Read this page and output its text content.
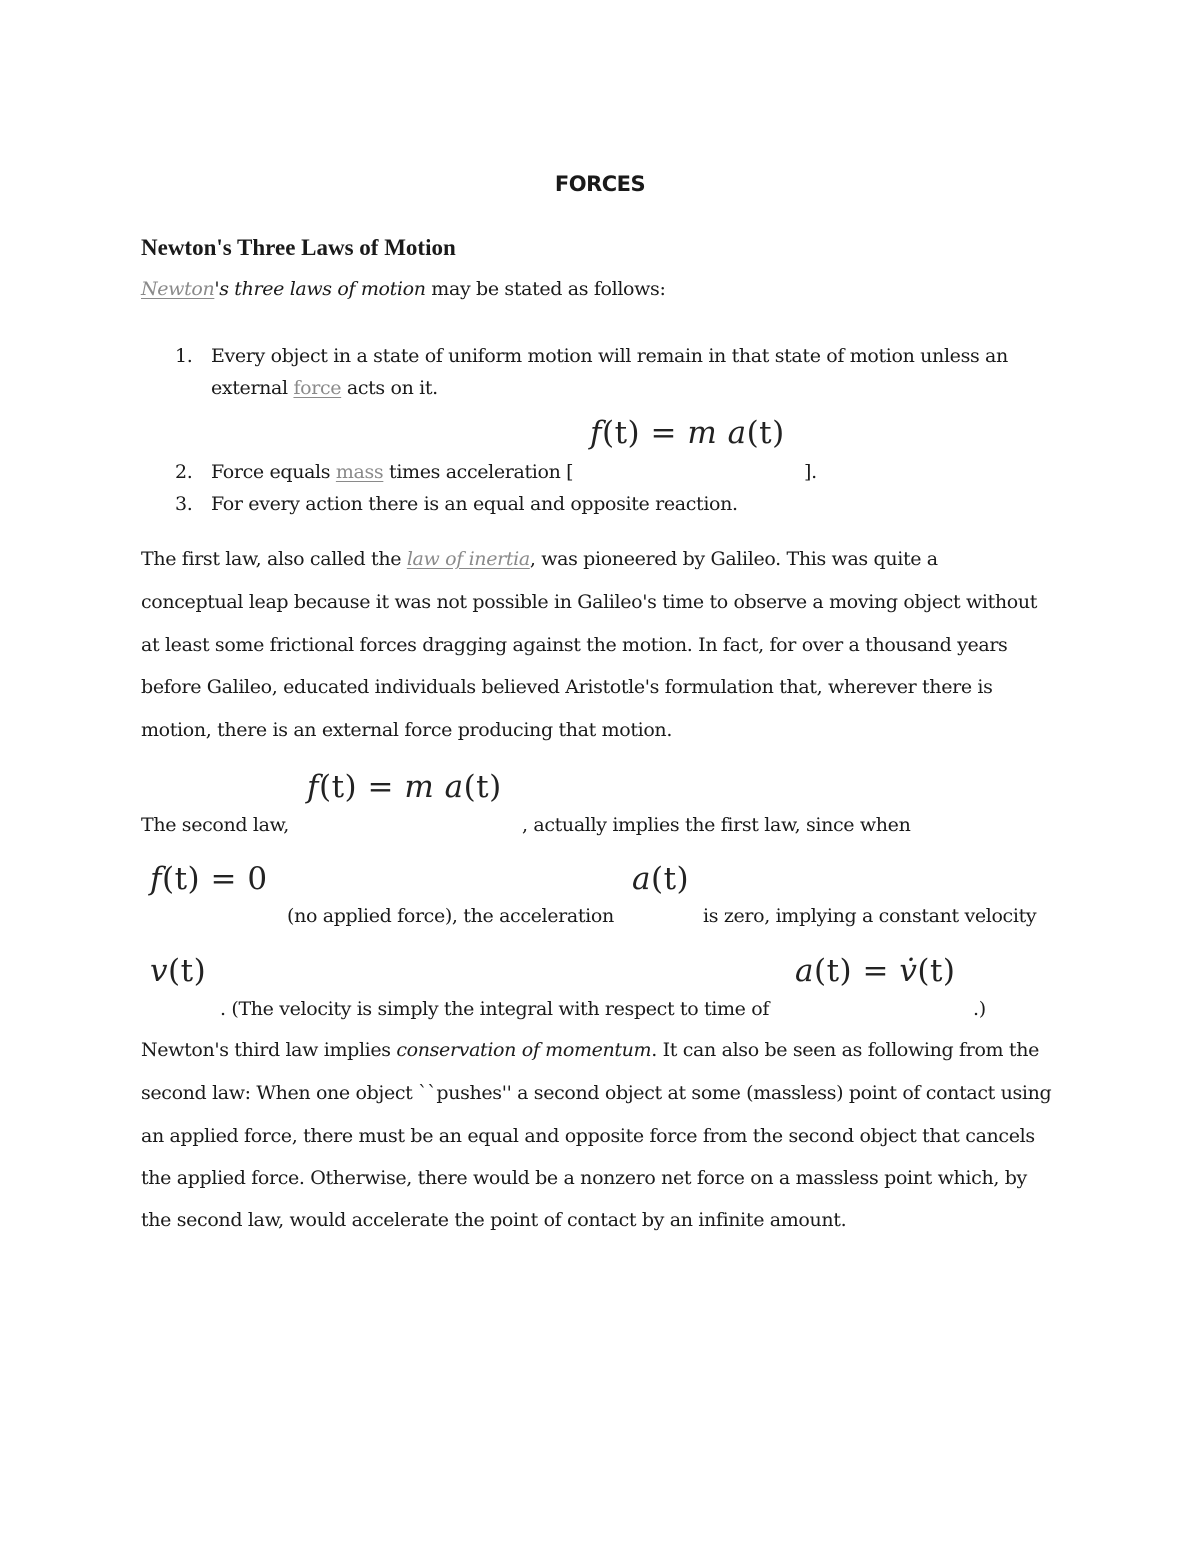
FORCES
Newton's Three Laws of Motion
Newton's three laws of motion may be stated as follows:
1. Every object in a state of uniform motion will remain in that state of motion unless an
external force acts on it.
f(t) = m a(t)
2. Force equals mass times acceleration [	].
3. For every action there is an equal and opposite reaction.
The first law, also called the law of inertia, was pioneered by Galileo. This was quite a
conceptual leap because it was not possible in Galileo's time to observe a moving object without
at least some frictional forces dragging against the motion. In fact, for over a thousand years
before Galileo, educated individuals believed Aristotle's formulation that, wherever there is
motion, there is an external force producing that motion.
f(t) = m a(t)
The second law,	, actually implies the first law, since when
f(t) = 0	a(t)
(no applied force), the acceleration	is zero, implying a constant velocity
v(t)	a(t) = v̇(t)
. (The velocity is simply the integral with respect to time of	.)
Newton's third law implies conservation of momentum. It can also be seen as following from the
second law: When one object ``pushes'' a second object at some (massless) point of contact using
an applied force, there must be an equal and opposite force from the second object that cancels
the applied force. Otherwise, there would be a nonzero net force on a massless point which, by
the second law, would accelerate the point of contact by an infinite amount.
